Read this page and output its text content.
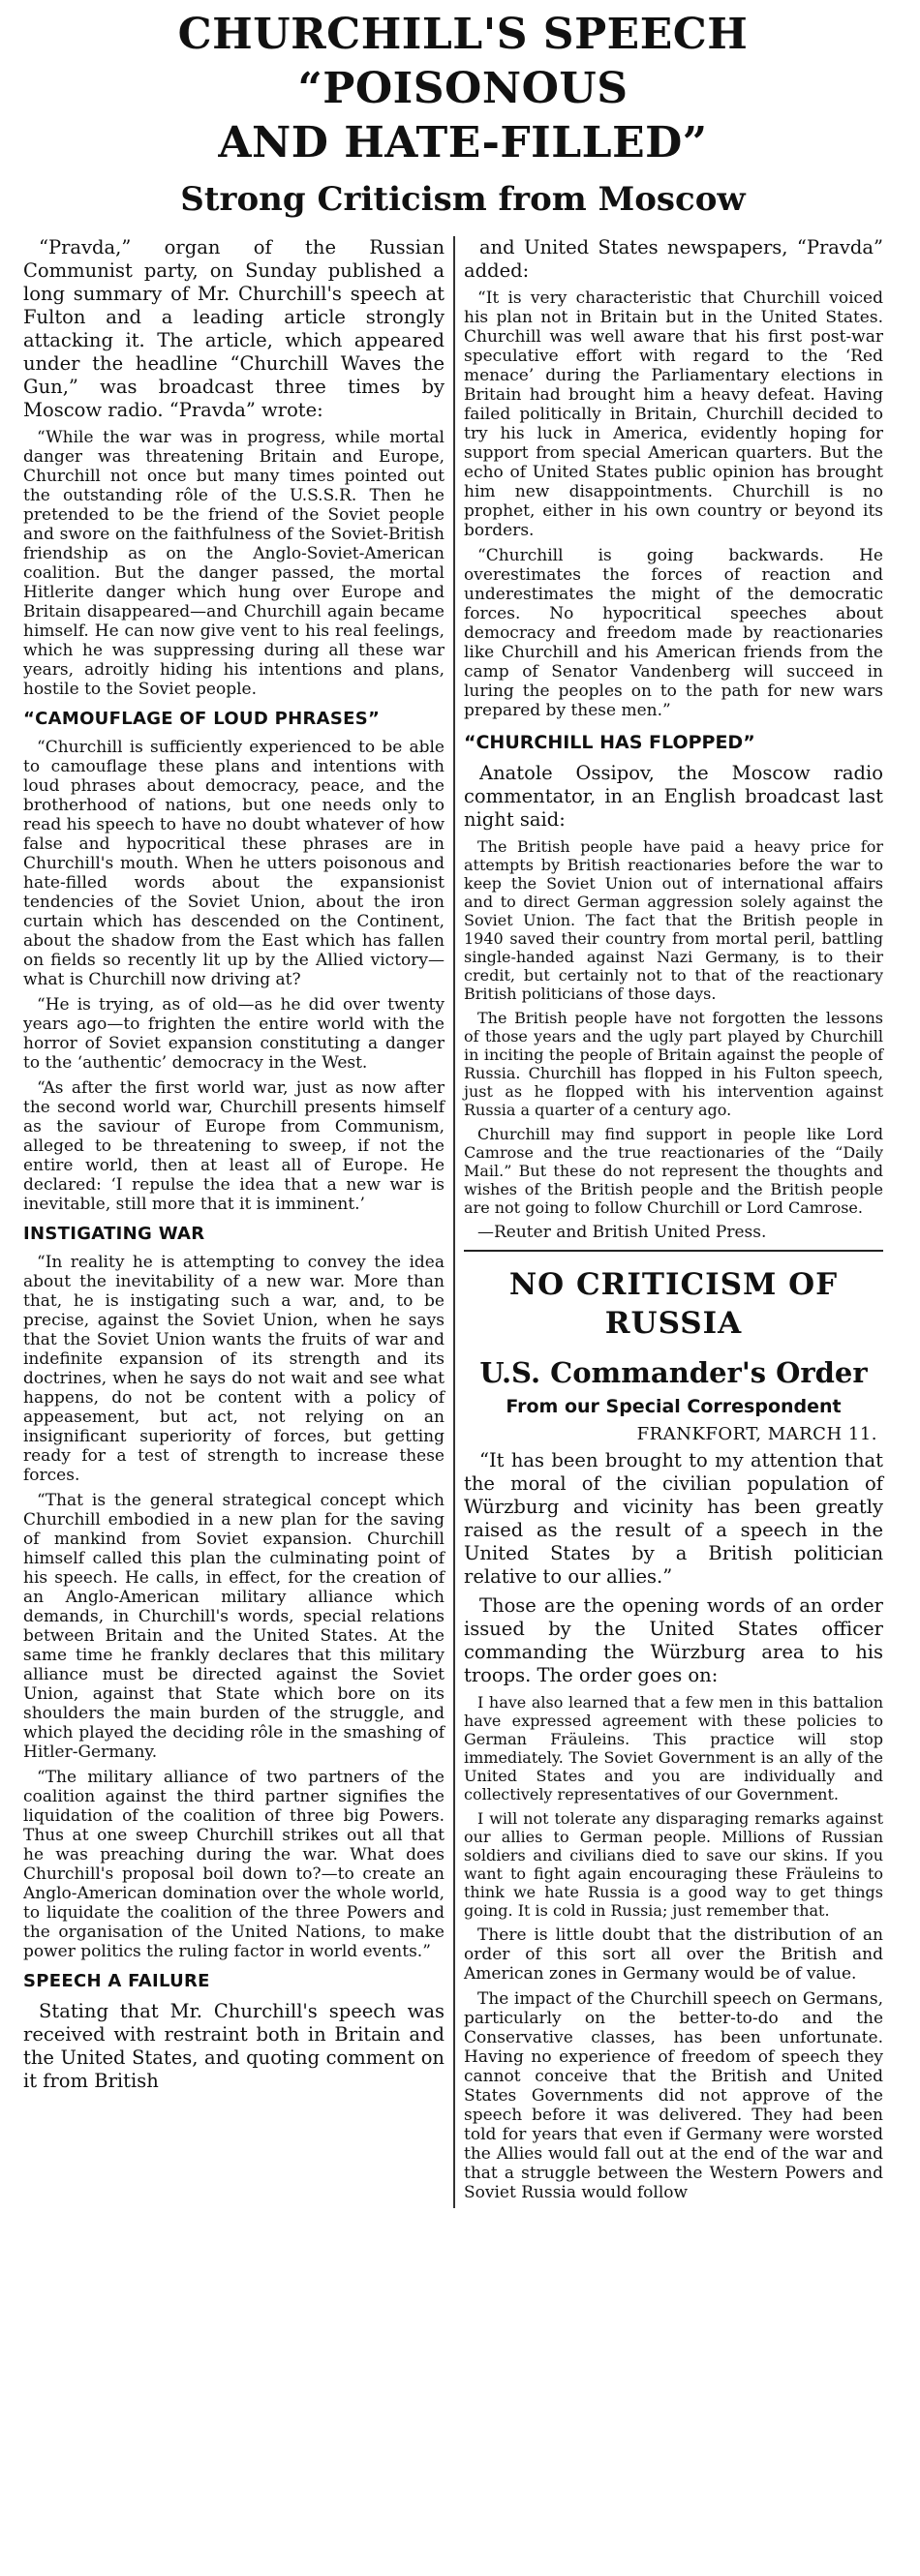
CHURCHILL'S SPEECH “POISONOUS
AND HATE-FILLED”
Strong Criticism from Moscow

“Pravda,” organ of the Russian Communist party, on Sunday published a long summary of Mr. Churchill's speech at Fulton and a leading article strongly attacking it. The article, which appeared under the headline “Churchill Waves the Gun,” was broadcast three times by Moscow radio. “Pravda” wrote:

“While the war was in progress, while mortal danger was threatening Britain and Europe, Churchill not once but many times pointed out the outstanding rôle of the U.S.S.R. Then he pretended to be the friend of the Soviet people and swore on the faithfulness of the Soviet-British friendship as on the Anglo-Soviet-American coalition. But the danger passed, the mortal Hitlerite danger which hung over Europe and Britain disappeared—and Churchill again became himself. He can now give vent to his real feelings, which he was suppressing during all these war years, adroitly hiding his intentions and plans, hostile to the Soviet people.

“CAMOUFLAGE OF LOUD PHRASES”

“Churchill is sufficiently experienced to be able to camouflage these plans and intentions with loud phrases about democracy, peace, and the brotherhood of nations, but one needs only to read his speech to have no doubt whatever of how false and hypocritical these phrases are in Churchill's mouth. When he utters poisonous and hate-filled words about the expansionist tendencies of the Soviet Union, about the iron curtain which has descended on the Continent, about the shadow from the East which has fallen on fields so recently lit up by the Allied victory—what is Churchill now driving at?

“He is trying, as of old—as he did over twenty years ago—to frighten the entire world with the horror of Soviet expansion constituting a danger to the ‘authentic’ democracy in the West.

“As after the first world war, just as now after the second world war, Churchill presents himself as the saviour of Europe from Communism, alleged to be threatening to sweep, if not the entire world, then at least all of Europe. He declared: ‘I repulse the idea that a new war is inevitable, still more that it is imminent.’

INSTIGATING WAR

“In reality he is attempting to convey the idea about the inevitability of a new war. More than that, he is instigating such a war, and, to be precise, against the Soviet Union, when he says that the Soviet Union wants the fruits of war and indefinite expansion of its strength and its doctrines, when he says do not wait and see what happens, do not be content with a policy of appeasement, but act, not relying on an insignificant superiority of forces, but getting ready for a test of strength to increase these forces.

“That is the general strategical concept which Churchill embodied in a new plan for the saving of mankind from Soviet expansion. Churchill himself called this plan the culminating point of his speech. He calls, in effect, for the creation of an Anglo-American military alliance which demands, in Churchill's words, special relations between Britain and the United States. At the same time he frankly declares that this military alliance must be directed against the Soviet Union, against that State which bore on its shoulders the main burden of the struggle, and which played the deciding rôle in the smashing of Hitler-Germany.

“The military alliance of two partners of the coalition against the third partner signifies the liquidation of the coalition of three big Powers. Thus at one sweep Churchill strikes out all that he was preaching during the war. What does Churchill's proposal boil down to?—to create an Anglo-American domination over the whole world, to liquidate the coalition of the three Powers and the organisation of the United Nations, to make power politics the ruling factor in world events.”

SPEECH A FAILURE

Stating that Mr. Churchill's speech was received with restraint both in Britain and the United States, and quoting comment on it from British

and United States newspapers, “Pravda” added:

“It is very characteristic that Churchill voiced his plan not in Britain but in the United States. Churchill was well aware that his first post-war speculative effort with regard to the ‘Red menace’ during the Parliamentary elections in Britain had brought him a heavy defeat. Having failed politically in Britain, Churchill decided to try his luck in America, evidently hoping for support from special American quarters. But the echo of United States public opinion has brought him new disappointments. Churchill is no prophet, either in his own country or beyond its borders.

“Churchill is going backwards. He overestimates the forces of reaction and underestimates the might of the democratic forces. No hypocritical speeches about democracy and freedom made by reactionaries like Churchill and his American friends from the camp of Senator Vandenberg will succeed in luring the peoples on to the path for new wars prepared by these men.”

“CHURCHILL HAS FLOPPED”

Anatole Ossipov, the Moscow radio commentator, in an English broadcast last night said:

The British people have paid a heavy price for attempts by British reactionaries before the war to keep the Soviet Union out of international affairs and to direct German aggression solely against the Soviet Union. The fact that the British people in 1940 saved their country from mortal peril, battling single-handed against Nazi Germany, is to their credit, but certainly not to that of the reactionary British politicians of those days.

The British people have not forgotten the lessons of those years and the ugly part played by Churchill in inciting the people of Britain against the people of Russia. Churchill has flopped in his Fulton speech, just as he flopped with his intervention against Russia a quarter of a century ago.

Churchill may find support in people like Lord Camrose and the true reactionaries of the “Daily Mail.” But these do not represent the thoughts and wishes of the British people and the British people are not going to follow Churchill or Lord Camrose.

—Reuter and British United Press.

NO CRITICISM OF
RUSSIA
U.S. Commander's Order
From our Special Correspondent
FRANKFORT, MARCH 11.

“It has been brought to my attention that the moral of the civilian population of Würzburg and vicinity has been greatly raised as the result of a speech in the United States by a British politician relative to our allies.”

Those are the opening words of an order issued by the United States officer commanding the Würzburg area to his troops. The order goes on:

I have also learned that a few men in this battalion have expressed agreement with these policies to German Fräuleins. This practice will stop immediately. The Soviet Government is an ally of the United States and you are individually and collectively representatives of our Government.

I will not tolerate any disparaging remarks against our allies to German people. Millions of Russian soldiers and civilians died to save our skins. If you want to fight again encouraging these Fräuleins to think we hate Russia is a good way to get things going. It is cold in Russia; just remember that.

There is little doubt that the distribution of an order of this sort all over the British and American zones in Germany would be of value.

The impact of the Churchill speech on Germans, particularly on the better-to-do and the Conservative classes, has been unfortunate. Having no experience of freedom of speech they cannot conceive that the British and United States Governments did not approve of the speech before it was delivered. They had been told for years that even if Germany were worsted the Allies would fall out at the end of the war and that a struggle between the Western Powers and Soviet Russia would follow
